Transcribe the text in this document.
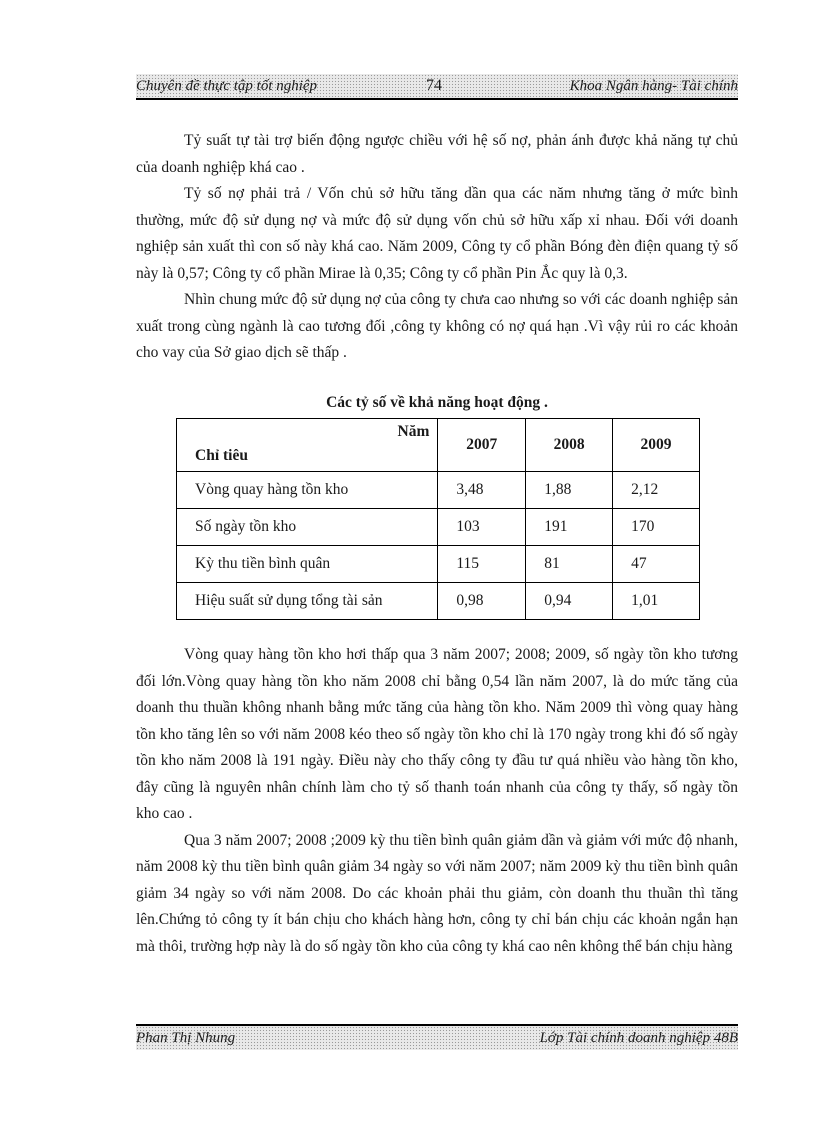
Chuyên đề thực tập tốt nghiệp	74	Khoa Ngân hàng- Tài chính

Tỷ suất tự tài trợ biến động ngược chiều với hệ số nợ, phản ánh được khả năng tự chủ của doanh nghiệp khá cao .

Tỷ số nợ phải trả / Vốn chủ sở hữu tăng dần qua các năm nhưng tăng ở mức bình thường, mức độ sử dụng nợ và mức độ sử dụng vốn chủ sở hữu xấp xỉ nhau. Đối với doanh nghiệp sản xuất thì con số này khá cao. Năm 2009, Công ty cổ phần Bóng đèn điện quang tỷ số này là 0,57; Công ty cổ phần Mirae là 0,35; Công ty cổ phần Pin Ắc quy là 0,3.

Nhìn chung mức độ sử dụng nợ của công ty chưa cao nhưng so với các doanh nghiệp sản xuất trong cùng ngành là cao tương đối ,công ty không có nợ quá hạn .Vì vậy rủi ro các khoản cho vay của Sở giao dịch sẽ thấp .

Các tỷ số về khả năng hoạt động .
Năm
Chỉ tiêu	2007	2008	2009
Vòng quay hàng tồn kho	3,48	1,88	2,12
Số ngày tồn kho	103	191	170
Kỳ thu tiền bình quân	115	81	47
Hiệu suất sử dụng tổng tài sản	0,98	0,94	1,01

Vòng quay hàng tồn kho hơi thấp qua 3 năm 2007; 2008; 2009, số ngày tồn kho tương đối lớn.Vòng quay hàng tồn kho năm 2008 chỉ bằng 0,54 lần năm 2007, là do mức tăng của doanh thu thuần không nhanh bằng mức tăng của hàng tồn kho. Năm 2009 thì vòng quay hàng tồn kho tăng lên so với năm 2008 kéo theo số ngày tồn kho chỉ là 170 ngày trong khi đó số ngày tồn kho năm 2008 là 191 ngày. Điều này cho thấy công ty đầu tư quá nhiều vào hàng tồn kho, đây cũng là nguyên nhân chính làm cho tỷ số thanh toán nhanh của công ty thấy, số ngày tồn kho cao .

Qua 3 năm 2007; 2008 ;2009 kỳ thu tiền bình quân giảm dần và giảm với mức độ nhanh, năm 2008 kỳ thu tiền bình quân giảm 34 ngày so với năm 2007; năm 2009 kỳ thu tiền bình quân giảm 34 ngày so với năm 2008. Do các khoản phải thu giảm, còn doanh thu thuần thì tăng lên.Chứng tỏ công ty ít bán chịu cho khách hàng hơn, công ty chỉ bán chịu các khoản ngắn hạn mà thôi, trường hợp này là do số ngày tồn kho của công ty khá cao nên không thể bán chịu hàng

Phan Thị Nhung	Lớp Tài chính doanh nghiệp 48B
